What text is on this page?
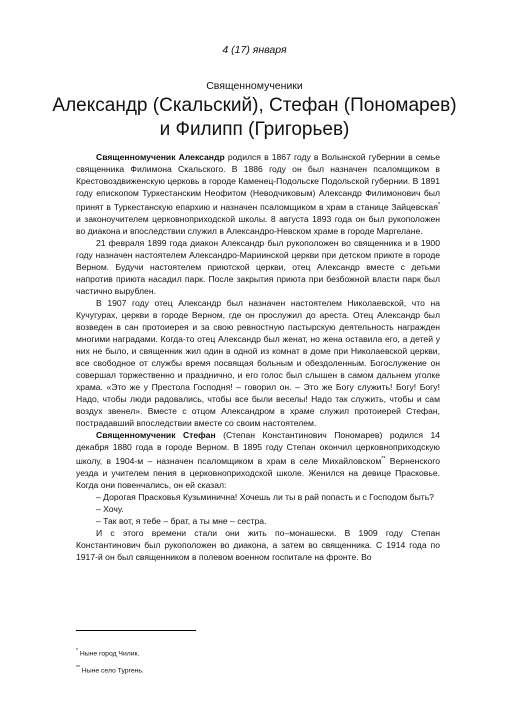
4 (17) января
Священномученики
Александр (Скальский), Стефан (Пономарев)
и Филипп (Григорьев)

Священномученик Александр родился в 1867 году в Волынской губернии в семье священника Филимона Скальского. В 1886 году он был назначен псаломщиком в Крестовоздвиженскую церковь в городе Каменец-Подольске Подольской губернии. В 1891 году епископом Туркестанским Неофитом (Неводчиковым) Александр Филимонович был принят в Туркестанскую епархию и назначен псаломщиком в храм в станице Зайцевская* и законоучителем церковноприходской школы. 8 августа 1893 года он был рукоположен во диакона и впоследствии служил в Александро-Невском храме в городе Маргелане.

21 февраля 1899 года диакон Александр был рукоположен во священника и в 1900 году назначен настоятелем Александро-Мариинской церкви при детском приюте в городе Верном. Будучи настоятелем приютской церкви, отец Александр вместе с детьми напротив приюта насадил парк. После закрытия приюта при безбожной власти парк был частично вырублен.

В 1907 году отец Александр был назначен настоятелем Николаевской, что на Кучугурах, церкви в городе Верном, где он прослужил до ареста. Отец Александр был возведен в сан протоиерея и за свою ревностную пастырскую деятельность награжден многими наградами. Когда-то отец Александр был женат, но жена оставила его, а детей у них не было, и священник жил один в одной из комнат в доме при Николаевской церкви, все свободное от службы время посвящая больным и обездоленным. Богослужение он совершал торжественно и празднично, и его голос был слышен в самом дальнем уголке храма. «Это же у Престола Господня! – говорил он. – Это же Богу служить! Богу! Богу! Надо, чтобы люди радовались, чтобы все были веселы! Надо так служить, чтобы и сам воздух звенел». Вместе с отцом Александром в храме служил протоиерей Стефан, пострадавший впоследствии вместе со своим настоятелем.

Священномученик Стефан (Степан Константинович Пономарев) родился 14 декабря 1880 года в городе Верном. В 1895 году Степан окончил церковноприходскую школу, в 1904-м – назначен псаломщиком в храм в селе Михайловском** Верненского уезда и учителем пения в церковноприходской школе. Женился на девице Прасковье. Когда они повенчались, он ей сказал:

– Дорогая Прасковья Кузьминична! Хочешь ли ты в рай попасть и с Господом быть?

– Хочу.

– Так вот, я тебе – брат, а ты мне – сестра.

И с этого времени стали они жить по–монашески. В 1909 году Степан Константинович был рукоположен во диакона, а затем во священника. С 1914 года по 1917-й он был священником в полевом военном госпитале на фронте. Во

* Ныне город Чилик.
** Ныне село Тургень.
